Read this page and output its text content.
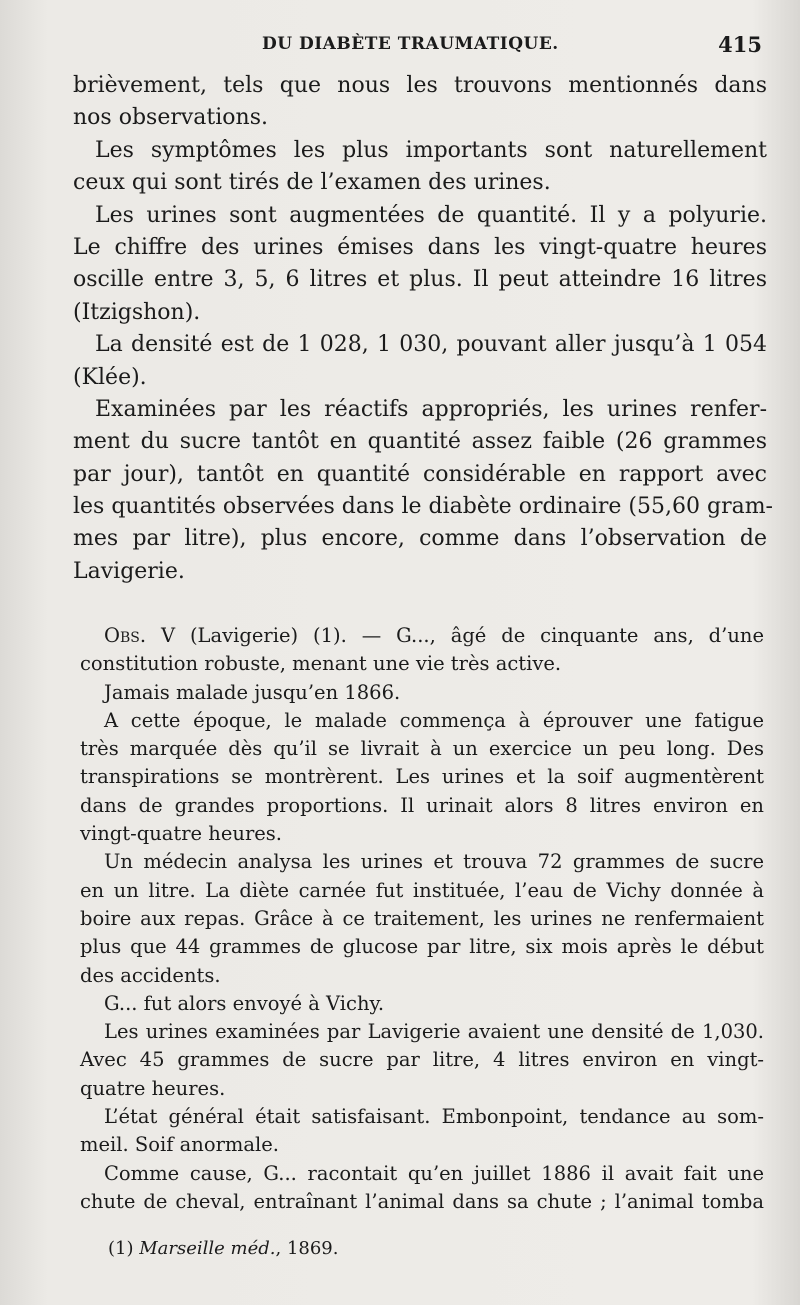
DU DIABÈTE TRAUMATIQUE.	415
brièvement, tels que nous les trouvons mentionnés dans
nos observations.
Les symptômes les plus importants sont naturellement
ceux qui sont tirés de l’examen des urines.
Les urines sont augmentées de quantité. Il y a polyurie.
Le chiffre des urines émises dans les vingt-quatre heures
oscille entre 3, 5, 6 litres et plus. Il peut atteindre 16 litres
(Itzigshon).
La densité est de 1 028, 1 030, pouvant aller jusqu’à 1 054
(Klée).
Examinées par les réactifs appropriés, les urines renfer-
ment du sucre tantôt en quantité assez faible (26 grammes
par jour), tantôt en quantité considérable en rapport avec
les quantités observées dans le diabète ordinaire (55,60 gram-
mes par litre), plus encore, comme dans l’observation de
Lavigerie.
Obs. V (Lavigerie) (1). — G..., âgé de cinquante ans, d’une
constitution robuste, menant une vie très active.
Jamais malade jusqu’en 1866.
A cette époque, le malade commença à éprouver une fatigue
très marquée dès qu’il se livrait à un exercice un peu long. Des
transpirations se montrèrent. Les urines et la soif augmentèrent
dans de grandes proportions. Il urinait alors 8 litres environ en
vingt-quatre heures.
Un médecin analysa les urines et trouva 72 grammes de sucre
en un litre. La diète carnée fut instituée, l’eau de Vichy donnée à
boire aux repas. Grâce à ce traitement, les urines ne renfermaient
plus que 44 grammes de glucose par litre, six mois après le début
des accidents.
G... fut alors envoyé à Vichy.
Les urines examinées par Lavigerie avaient une densité de 1,030.
Avec 45 grammes de sucre par litre, 4 litres environ en vingt-
quatre heures.
L’état général était satisfaisant. Embonpoint, tendance au som-
meil. Soif anormale.
Comme cause, G... racontait qu’en juillet 1886 il avait fait une
chute de cheval, entraînant l’animal dans sa chute ; l’animal tomba
(1) Marseille méd., 1869.
